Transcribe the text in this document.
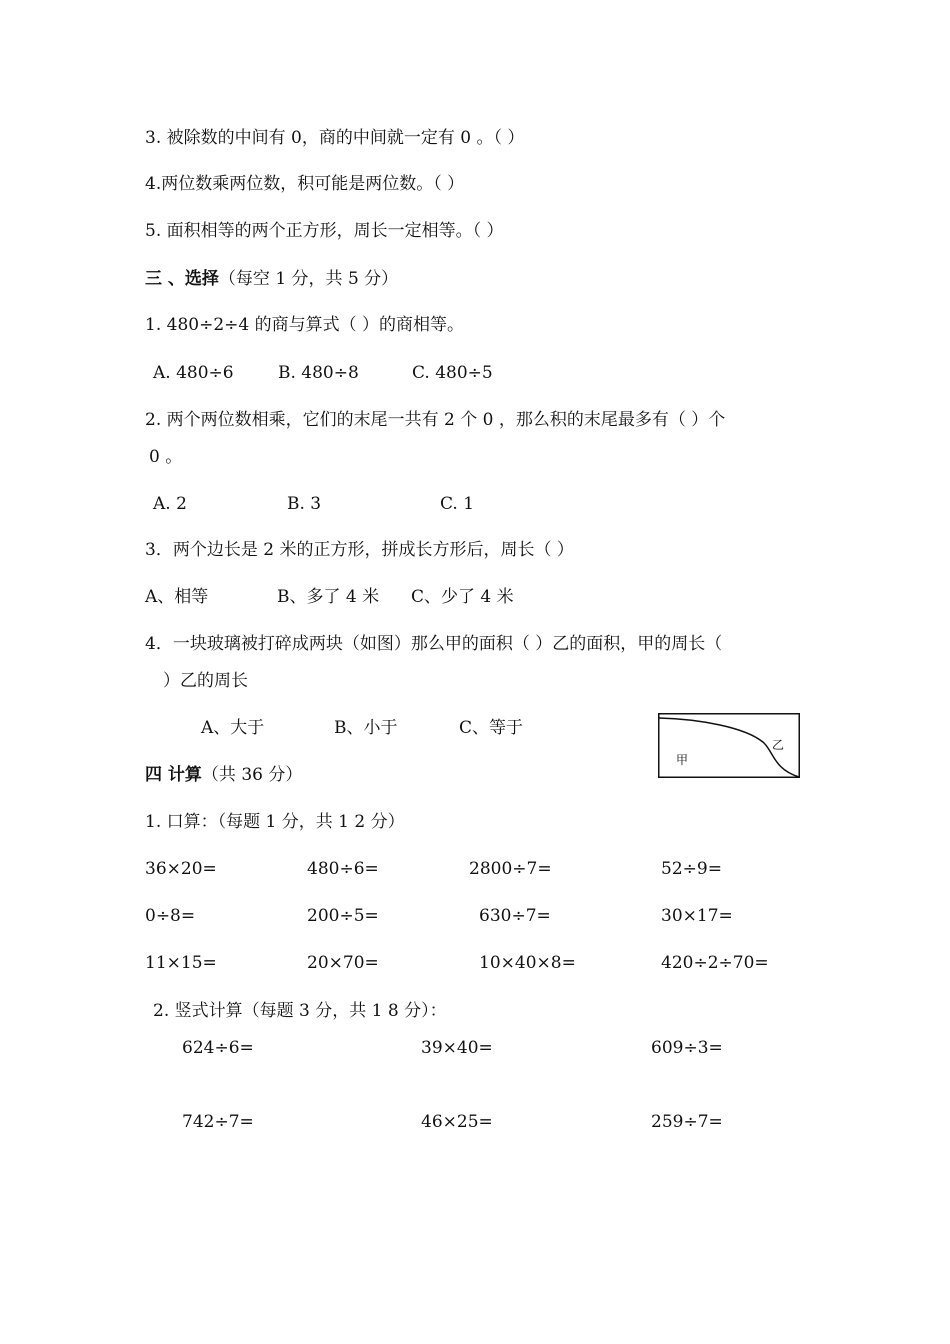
3. 被除数的中间有 0，商的中间就一定有 0 。（ ）
4.两位数乘两位数，积可能是两位数。（ ）
5. 面积相等的两个正方形，周长一定相等。（ ）
三 、选择（每空 1 分，共 5 分）
1. 480÷2÷4 的商与算式（ ）的商相等。
A. 480÷6	B. 480÷8	C. 480÷5
2. 两个两位数相乘，它们的末尾一共有 2 个 0 ，那么积的末尾最多有（ ）个
0 。
A. 2	B. 3	C. 1
3．两个边长是 2 米的正方形，拼成长方形后，周长（ ）
A、相等	B、多了 4 米 C、少了 4 米
4．一块玻璃被打碎成两块（如图）那么甲的面积（ ）乙的面积，甲的周长（
）乙的周长
A、大于	B、小于	C、等于
甲
乙
四 计算（共 36 分）
1. 口算：（每题 1 分，共 1 2 分）
36×20=	480÷6=	2800÷7=	52÷9=
0÷8=	200÷5=	630÷7=	30×17=
11×15=	20×70=	10×40×8=	420÷2÷70=
2. 竖式计算（每题 3 分，共 1 8 分）：
624÷6=	39×40=	609÷3=
742÷7=	46×25=	259÷7=
